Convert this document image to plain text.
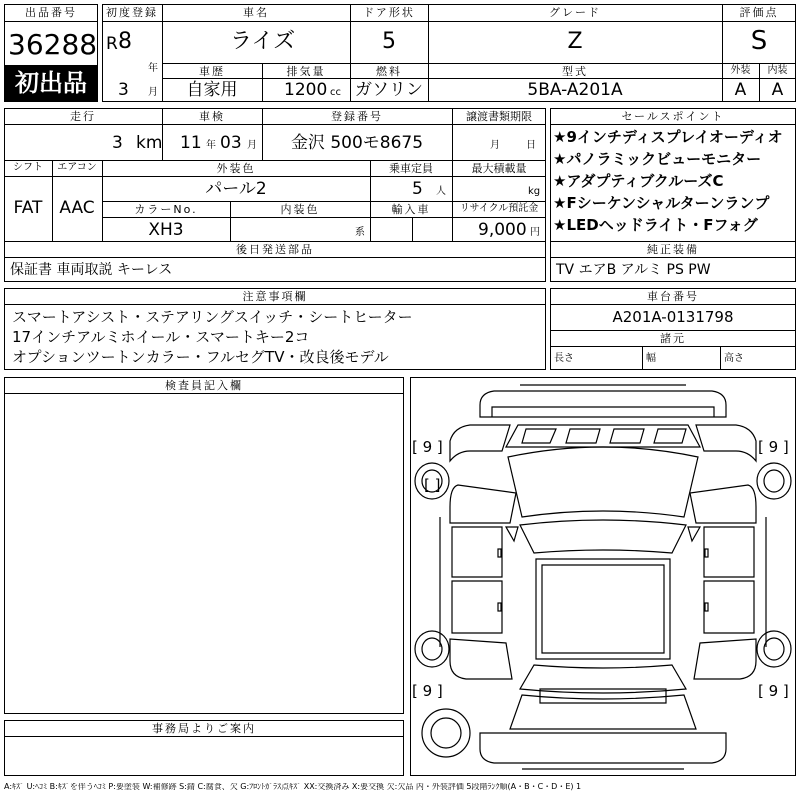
出品番号
36288
初出品
初度登録
R 8
年
3 月
車名
ライズ
ドア形状
5
グレード
Z
評価点
S
車歴
自家用
排気量
1200 cc
燃料
ガソリン
型式
5BA-A201A
外装
A
内装
A
走行
3 km
車検
11 年 03 月
登録番号
金沢 500モ8675
譲渡書類期限
月	日
シフト
FAT
エアコン
AAC
外装色
パール2
乗車定員
5 人
最大積載量
kg
カラーNo.
XH3
内装色
系
輸入車	リサイクル預託金
9,000 円
後日発送部品
保証書 車両取説 キーレス
セールスポイント
★9インチディスプレイオーディオ
★パノラミックビューモニター
★アダプティブクルーズC
★Fシーケンシャルターンランプ
★LEDヘッドライト・Fフォグ
純正装備
TV エアB アルミ PS PW
注意事項欄
スマートアシスト・ステアリングスイッチ・シートヒーター
17インチアルミホイール・スマートキー2コ
オプションツートンカラー・フルセグTV・改良後モデル
車台番号
A201A-0131798
諸元
長さ	幅	高さ
検査員記入欄
事務局よりご案内
[ 9 ]	[ 9 ]
[ 9 ]	[ 9 ]
[ ]
A:ｷｽﾞ U:ﾍｺﾐ B:ｷｽﾞを伴うﾍｺﾐ P:要塗装 W:補修跡 S:錆 C:腐食、欠 G:ﾌﾛﾝﾄｶﾞﾗｽ点ｷｽﾞ XX:交換済み X:要交換 欠:欠品 内・外装評価 5段階ﾗﾝｸ順(A・B・C・D・E) 1
